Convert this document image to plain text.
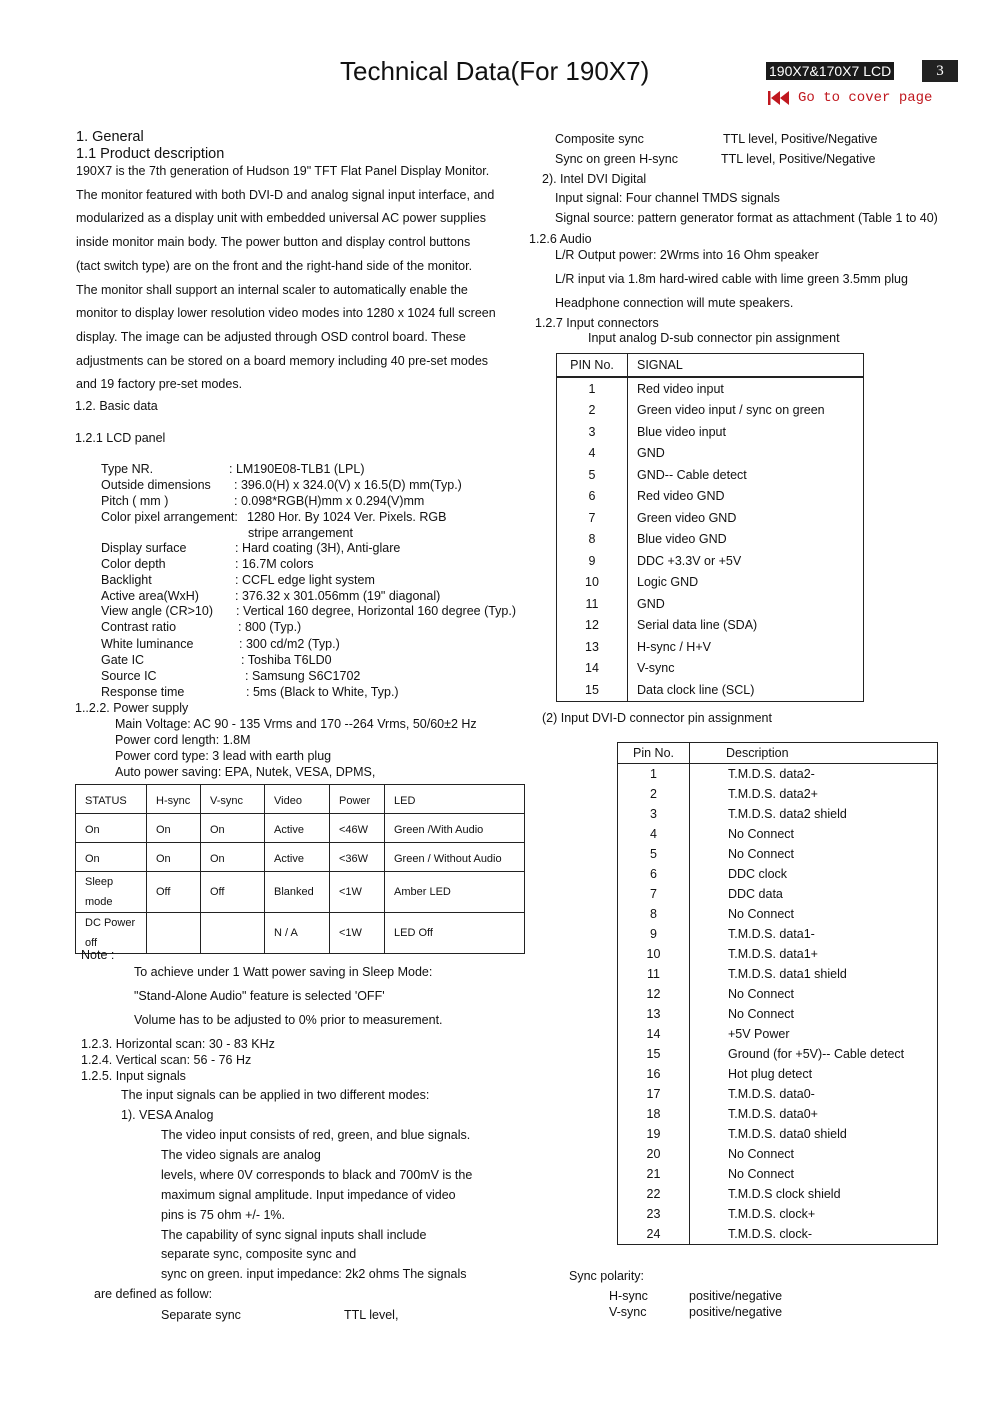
Technical Data(For 190X7)	190X7&170X7 LCD	3
Go to cover page
1. General
1.1 Product description
190X7 is the 7th generation of Hudson 19" TFT Flat Panel Display Monitor.
The monitor featured with both DVI-D and analog signal input interface, and
modularized as a display unit with embedded universal AC power supplies
inside monitor main body. The power button and display control buttons
(tact switch type) are on the front and the right-hand side of the monitor.
The monitor shall support an internal scaler to automatically enable the
monitor to display lower resolution video modes into 1280 x 1024 full screen
display. The image can be adjusted through OSD control board. These
adjustments can be stored on a board memory including 40 pre-set modes
and 19 factory pre-set modes.
1.2. Basic data
1.2.1 LCD panel
Type NR.	: LM190E08-TLB1 (LPL)
Outside dimensions : 396.0(H) x 324.0(V) x 16.5(D) mm(Typ.)
Pitch ( mm )	: 0.098*RGB(H)mm x 0.294(V)mm
Color pixel arrangement: 1280 Hor. By 1024 Ver. Pixels. RGB
stripe arrangement
Display surface	: Hard coating (3H), Anti-glare
Color depth	: 16.7M colors
Backlight	: CCFL edge light system
Active area(WxH)	: 376.32 x 301.056mm (19" diagonal)
View angle (CR>10) : Vertical 160 degree, Horizontal 160 degree (Typ.)
Contrast ratio	: 800 (Typ.)
White luminance	: 300 cd/m2 (Typ.)
Gate IC	: Toshiba T6LD0
Source IC	: Samsung S6C1702
Response time	: 5ms (Black to White, Typ.)
1..2.2. Power supply
Main Voltage: AC 90 - 135 Vrms and 170 --264 Vrms, 50/60±2 Hz
Power cord length: 1.8M
Power cord type: 3 lead with earth plug
Auto power saving: EPA, Nutek, VESA, DPMS,
STATUS	H-sync	V-sync	Video	Power	LED
On	On	On	Active	<46W	Green /With Audio
On	On	On	Active	<36W	Green / Without Audio
Sleep mode	Off	Off	Blanked	<1W	Amber LED
DC Power off			N / A	<1W	LED Off
Note :
To achieve under 1 Watt power saving in Sleep Mode:
"Stand-Alone Audio" feature is selected 'OFF'
Volume has to be adjusted to 0% prior to measurement.
1.2.3. Horizontal scan: 30 - 83 KHz
1.2.4. Vertical scan: 56 - 76 Hz
1.2.5. Input signals
The input signals can be applied in two different modes:
1). VESA Analog
The video input consists of red, green, and blue signals.
The video signals are analog
levels, where 0V corresponds to black and 700mV is the
maximum signal amplitude. Input impedance of video
pins is 75 ohm +/- 1%.
The capability of sync signal inputs shall include
separate sync, composite sync and
sync on green. input impedance: 2k2 ohms The signals
are defined as follow:
Separate sync	TTL level,
Composite sync	TTL level, Positive/Negative
Sync on green H-sync	TTL level, Positive/Negative
2). Intel DVI Digital
Input signal: Four channel TMDS signals
Signal source: pattern generator format as attachment (Table 1 to 40)
1.2.6 Audio
L/R Output power: 2Wrms into 16 Ohm speaker
L/R input via 1.8m hard-wired cable with lime green 3.5mm plug
Headphone connection will mute speakers.
1.2.7 Input connectors
Input analog D-sub connector pin assignment
PIN No.	SIGNAL
1	Red video input
2	Green video input / sync on green
3	Blue video input
4	GND
5	GND-- Cable detect
6	Red video GND
7	Green video GND
8	Blue video GND
9	DDC +3.3V or +5V
10	Logic GND
11	GND
12	Serial data line (SDA)
13	H-sync / H+V
14	V-sync
15	Data clock line (SCL)
(2) Input DVI-D connector pin assignment
Pin No.	Description
1	T.M.D.S. data2-
2	T.M.D.S. data2+
3	T.M.D.S. data2 shield
4	No Connect
5	No Connect
6	DDC clock
7	DDC data
8	No Connect
9	T.M.D.S. data1-
10	T.M.D.S. data1+
11	T.M.D.S. data1 shield
12	No Connect
13	No Connect
14	+5V Power
15	Ground (for +5V)-- Cable detect
16	Hot plug detect
17	T.M.D.S. data0-
18	T.M.D.S. data0+
19	T.M.D.S. data0 shield
20	No Connect
21	No Connect
22	T.M.D.S clock shield
23	T.M.D.S. clock+
24	T.M.D.S. clock-
Sync polarity:
H-sync	positive/negative
V-sync	positive/negative
